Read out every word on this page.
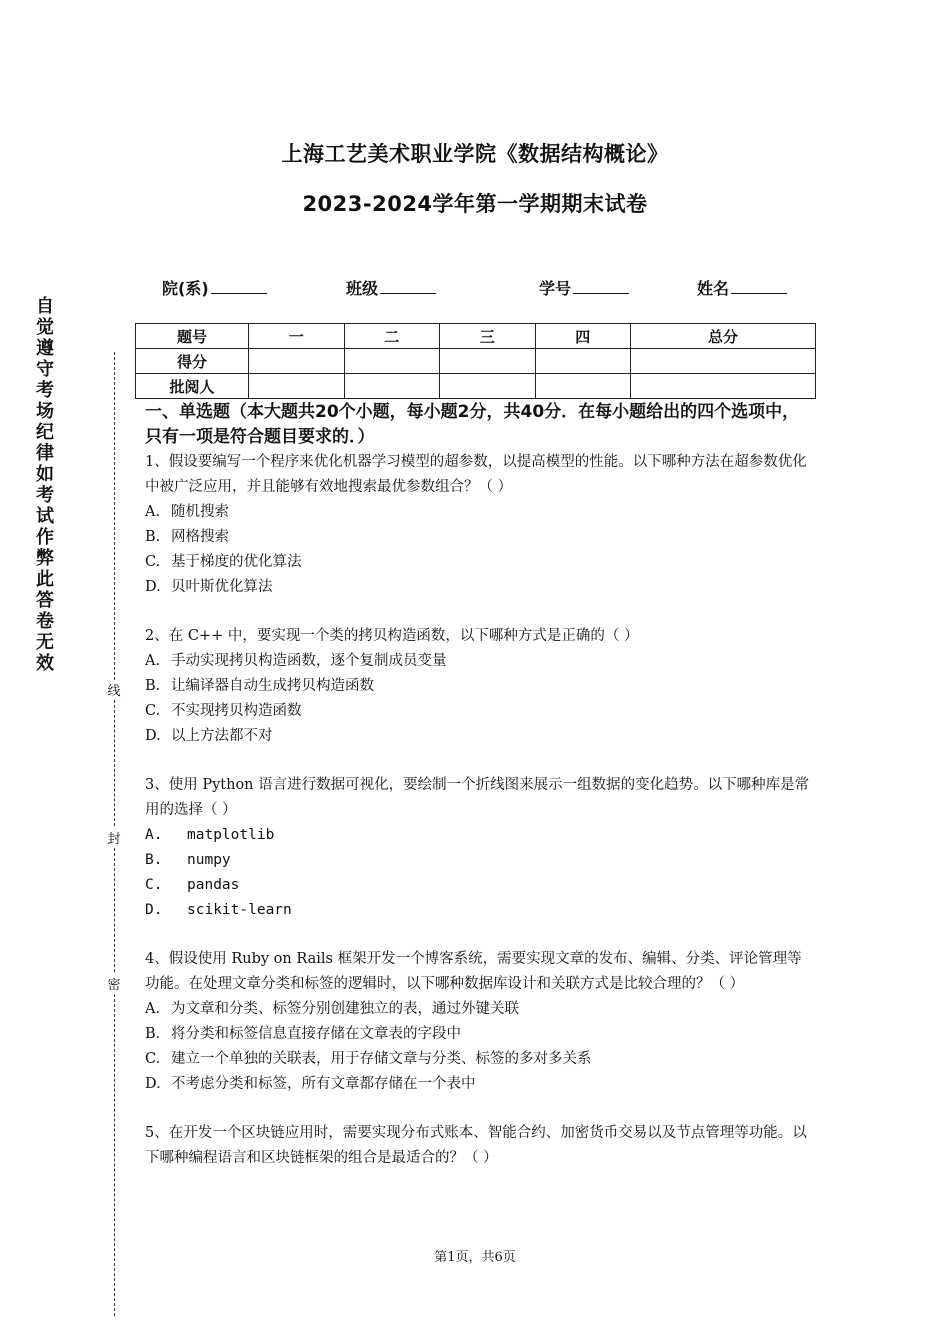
上海工艺美术职业学院《数据结构概论》
2023-2024学年第一学期期末试卷
院(系)	班级	学号	姓名
题号	一	二	三	四	总分
得分					
批阅人					
自觉遵守考场纪律如考试作弊此答卷无效
线
封
密

一、单选题（本大题共20个小题，每小题2分，共40分．在每小题给出的四个选项中，只有一项是符合题目要求的．）

1、假设要编写一个程序来优化机器学习模型的超参数，以提高模型的性能。以下哪种方法在超参数优化中被广泛应用，并且能够有效地搜索最优参数组合？（ ）

A. 随机搜索

B. 网格搜索

C. 基于梯度的优化算法

D. 贝叶斯优化算法

2、在 C++ 中，要实现一个类的拷贝构造函数，以下哪种方式是正确的（ ）

A. 手动实现拷贝构造函数，逐个复制成员变量

B. 让编译器自动生成拷贝构造函数

C. 不实现拷贝构造函数

D. 以上方法都不对

3、使用 Python 语言进行数据可视化，要绘制一个折线图来展示一组数据的变化趋势。以下哪种库是常用的选择（ ）

A. matplotlib

B. numpy

C. pandas

D. scikit-learn

4、假设使用 Ruby on Rails 框架开发一个博客系统，需要实现文章的发布、编辑、分类、评论管理等功能。在处理文章分类和标签的逻辑时，以下哪种数据库设计和关联方式是比较合理的？（ ）

A. 为文章和分类、标签分别创建独立的表，通过外键关联

B. 将分类和标签信息直接存储在文章表的字段中

C. 建立一个单独的关联表，用于存储文章与分类、标签的多对多关系

D. 不考虑分类和标签，所有文章都存储在一个表中

5、在开发一个区块链应用时，需要实现分布式账本、智能合约、加密货币交易以及节点管理等功能。以下哪种编程语言和区块链框架的组合是最适合的？（ ）

第1页，共6页
